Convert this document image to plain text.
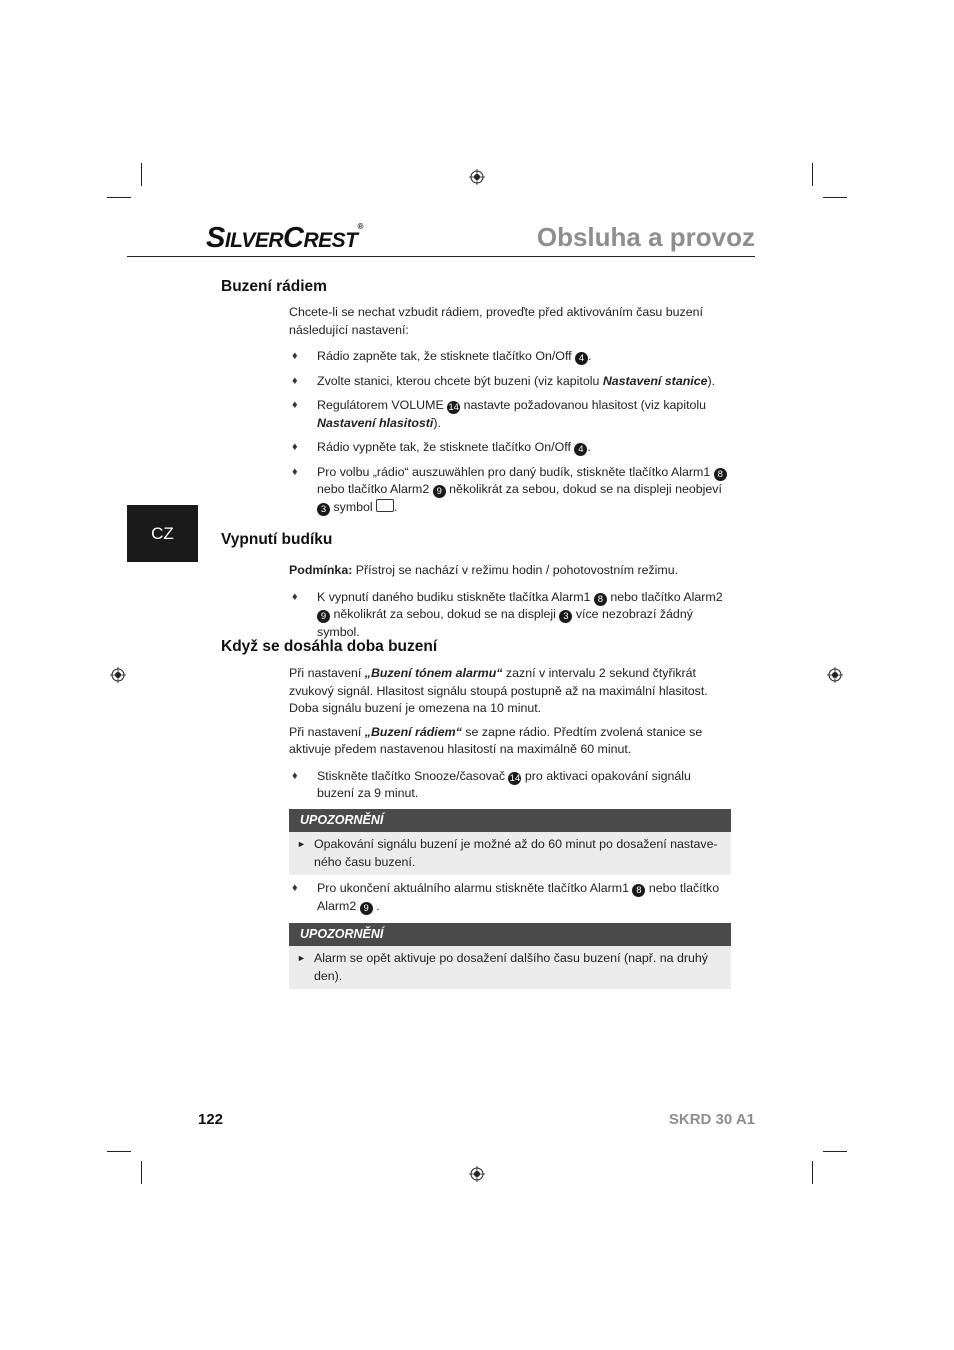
SILVERCREST®	Obsluha a provoz
CZ
Buzení rádiem

Chcete-li se nechat vzbudit rádiem, proveďte před aktivováním času buzení následující nastavení:

♦ Rádio zapněte tak, že stisknete tlačítko On/Off 4 .

♦ Zvolte stanici, kterou chcete být buzeni (viz kapitolu Nastavení stanice).

♦ Regulátorem VOLUME 14 nastavte požadovanou hlasitost (viz kapitolu Nastavení hlasitosti).

♦ Rádio vypněte tak, že stisknete tlačítko On/Off 4 .

♦ Pro volbu „rádio“ auszuwählen pro daný budík, stiskněte tlačítko Alarm1 8 nebo tlačítko Alarm2 9 několikrát za sebou, dokud se na displeji neobjeví 3 symbol .

Vypnutí budíku

Podmínka: Přístroj se nachází v režimu hodin / pohotovostním režimu.

♦ K vypnutí daného budiku stiskněte tlačítka Alarm1 8 nebo tlačítko Alarm2 9 několikrát za sebou, dokud se na displeji 3 více nezobrazí žádný symbol.

Když se dosáhla doba buzení

Při nastavení „Buzení tónem alarmu“ zazní v intervalu 2 sekund čtyřikrát zvukový signál. Hlasitost signálu stoupá postupně až na maximální hlasitost. Doba signálu buzení je omezena na 10 minut.

Při nastavení „Buzení rádiem“ se zapne rádio. Předtím zvolená stanice se aktivuje předem nastavenou hlasitostí na maximálně 60 minut.

♦ Stiskněte tlačítko Snooze/časovač 14 pro aktivaci opakování signálu buzení za 9 minut.

UPOZORNĚNÍ
► Opakování signálu buzení je možné až do 60 minut po dosažení nastave-ného času buzení.

♦ Pro ukončení aktuálního alarmu stiskněte tlačítko Alarm1 8 nebo tlačítko Alarm2 9 .

UPOZORNĚNÍ
► Alarm se opět aktivuje po dosažení dalšího času buzení (např. na druhý den).
122	SKRD 30 A1
